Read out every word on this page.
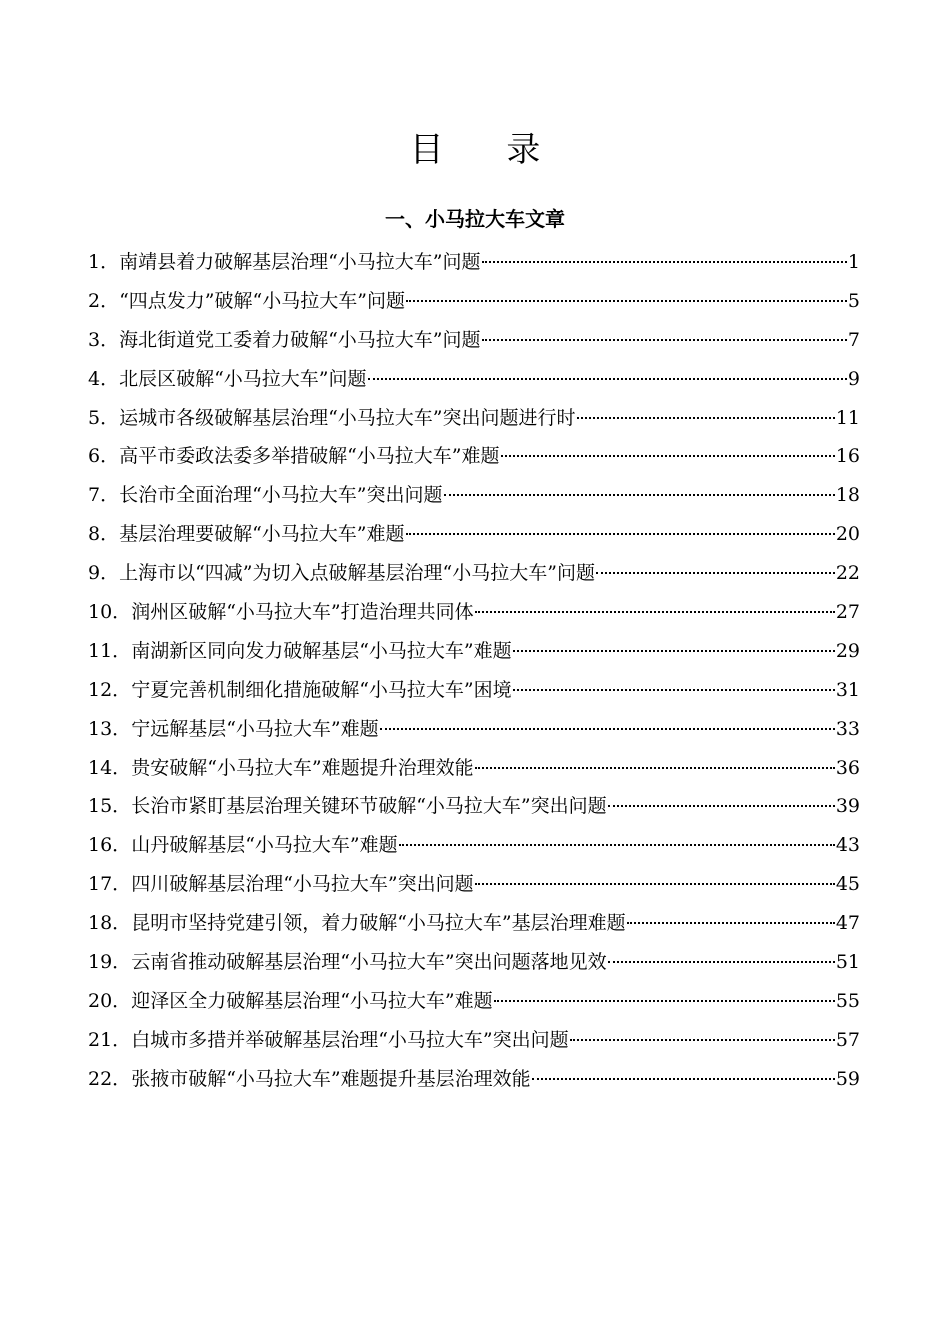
目 录
一、小马拉大车文章
1． 南靖县着力破解基层治理“小马拉大车”问题	1
2． “四点发力”破解“小马拉大车”问题	5
3． 海北街道党工委着力破解“小马拉大车”问题	7
4． 北辰区破解“小马拉大车”问题	9
5． 运城市各级破解基层治理“小马拉大车”突出问题进行时	11
6． 高平市委政法委多举措破解“小马拉大车”难题	16
7． 长治市全面治理“小马拉大车”突出问题	18
8． 基层治理要破解“小马拉大车”难题	20
9． 上海市以“四减”为切入点破解基层治理“小马拉大车”问题	22
10． 润州区破解“小马拉大车”打造治理共同体	27
11． 南湖新区同向发力破解基层“小马拉大车”难题	29
12． 宁夏完善机制细化措施破解“小马拉大车”困境	31
13． 宁远解基层“小马拉大车”难题	33
14． 贵安破解“小马拉大车”难题提升治理效能	36
15． 长治市紧盯基层治理关键环节破解“小马拉大车”突出问题	39
16． 山丹破解基层“小马拉大车”难题	43
17． 四川破解基层治理“小马拉大车”突出问题	45
18． 昆明市坚持党建引领，着力破解“小马拉大车”基层治理难题	47
19． 云南省推动破解基层治理“小马拉大车”突出问题落地见效	51
20． 迎泽区全力破解基层治理“小马拉大车”难题	55
21． 白城市多措并举破解基层治理“小马拉大车”突出问题	57
22． 张掖市破解“小马拉大车”难题提升基层治理效能	59
